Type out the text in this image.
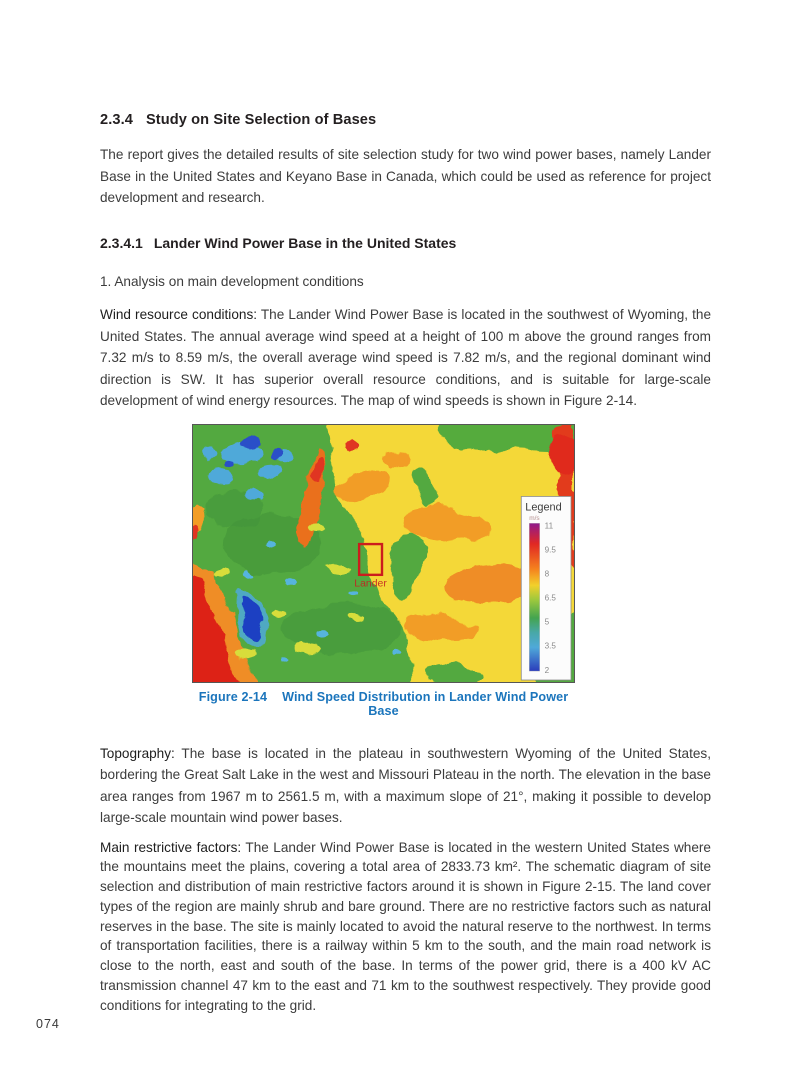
2.3.4 Study on Site Selection of Bases

The report gives the detailed results of site selection study for two wind power bases, namely Lander Base in the United States and Keyano Base in Canada, which could be used as reference for project development and research.

2.3.4.1 Lander Wind Power Base in the United States

1. Analysis on main development conditions

Wind resource conditions: The Lander Wind Power Base is located in the southwest of Wyoming, the United States. The annual average wind speed at a height of 100 m above the ground ranges from 7.32 m/s to 8.59 m/s, the overall average wind speed is 7.82 m/s, and the regional dominant wind direction is SW. It has superior overall resource conditions, and is suitable for large-scale development of wind energy resources. The map of wind speeds is shown in Figure 2-14.

Lander
Legend
m/s
11
9.5
8
6.5
5
3.5
2
Figure 2-14 Wind Speed Distribution in Lander Wind Power Base

Topography: The base is located in the plateau in southwestern Wyoming of the United States, bordering the Great Salt Lake in the west and Missouri Plateau in the north. The elevation in the base area ranges from 1967 m to 2561.5 m, with a maximum slope of 21°, making it possible to develop large-scale mountain wind power bases.

Main restrictive factors: The Lander Wind Power Base is located in the western United States where the mountains meet the plains, covering a total area of 2833.73 km². The schematic diagram of site selection and distribution of main restrictive factors around it is shown in Figure 2-15. The land cover types of the region are mainly shrub and bare ground. There are no restrictive factors such as natural reserves in the base. The site is mainly located to avoid the natural reserve to the northwest. In terms of transportation facilities, there is a railway within 5 km to the south, and the main road network is close to the north, east and south of the base. In terms of the power grid, there is a 400 kV AC transmission channel 47 km to the east and 71 km to the southwest respectively. They provide good conditions for integrating to the grid.

074
